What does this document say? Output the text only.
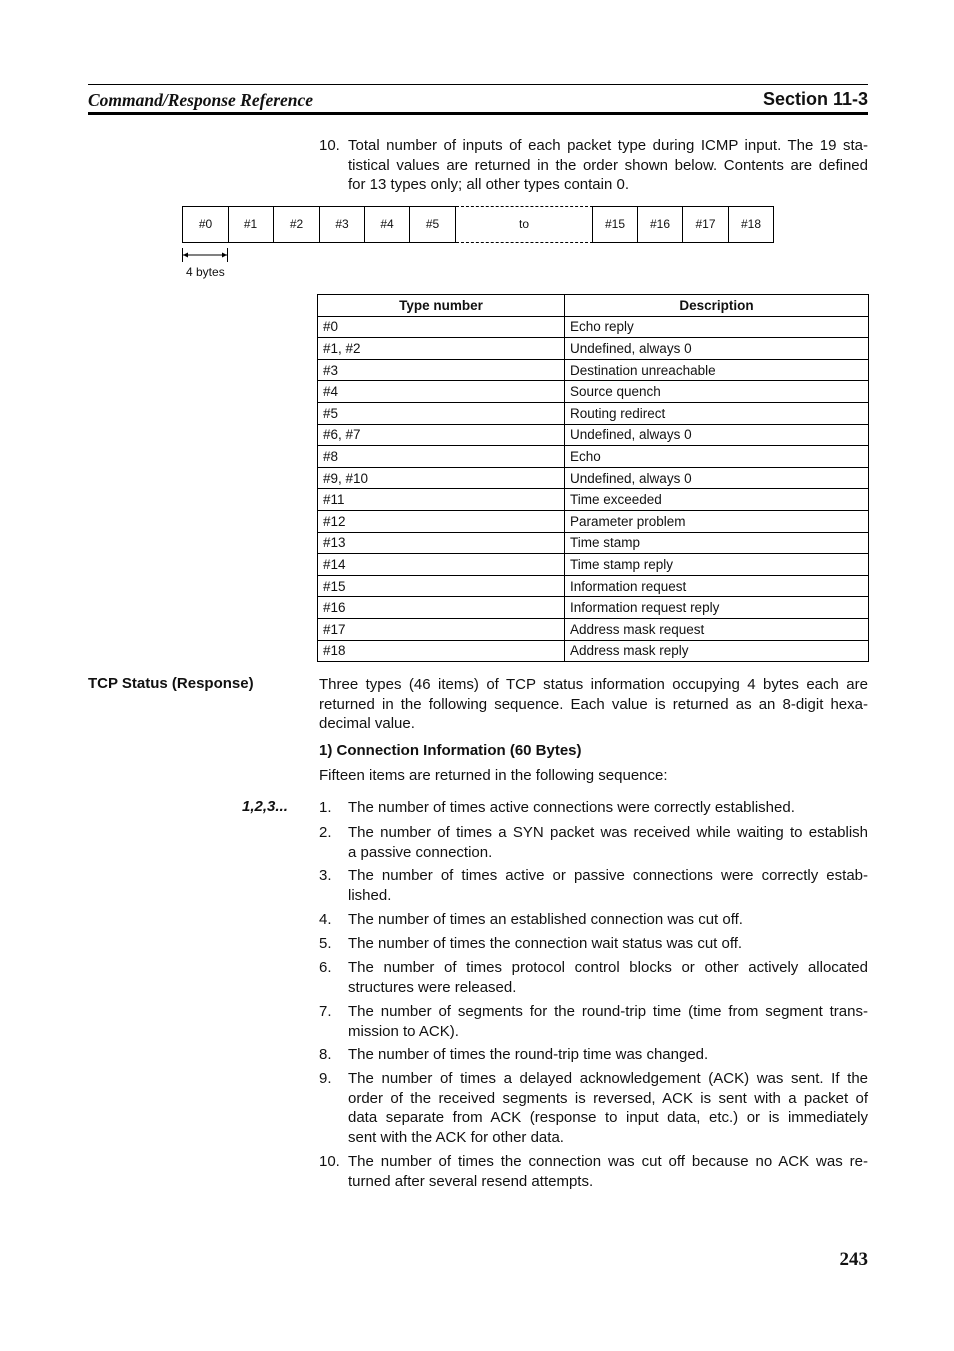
Command/Response Reference	Section 11-3
10. Total number of inputs of each packet type during ICMP input. The 19 sta-
tistical values are returned in the order shown below. Contents are defined
for 13 types only; all other types contain 0.
#0	#1	#2	#3	#4	#5	to	#15	#16	#17	#18
4 bytes
Type number	Description
#0	Echo reply
#1, #2	Undefined, always 0
#3	Destination unreachable
#4	Source quench
#5	Routing redirect
#6, #7	Undefined, always 0
#8	Echo
#9, #10	Undefined, always 0
#11	Time exceeded
#12	Parameter problem
#13	Time stamp
#14	Time stamp reply
#15	Information request
#16	Information request reply
#17	Address mask request
#18	Address mask reply
TCP Status (Response)	Three types (46 items) of TCP status information occupying 4 bytes each are
returned in the following sequence. Each value is returned as an 8-digit hexa-
decimal value.
1) Connection Information (60 Bytes)
Fifteen items are returned in the following sequence:
1,2,3... 1. The number of times active connections were correctly established.
2. The number of times a SYN packet was received while waiting to establish
a passive connection.
3. The number of times active or passive connections were correctly estab-
lished.
4. The number of times an established connection was cut off.
5. The number of times the connection wait status was cut off.
6. The number of times protocol control blocks or other actively allocated
structures were released.
7. The number of segments for the round-trip time (time from segment trans-
mission to ACK).
8. The number of times the round-trip time was changed.
9. The number of times a delayed acknowledgement (ACK) was sent. If the
order of the received segments is reversed, ACK is sent with a packet of
data separate from ACK (response to input data, etc.) or is immediately
sent with the ACK for other data.
10. The number of times the connection was cut off because no ACK was re-
turned after several resend attempts.
243
